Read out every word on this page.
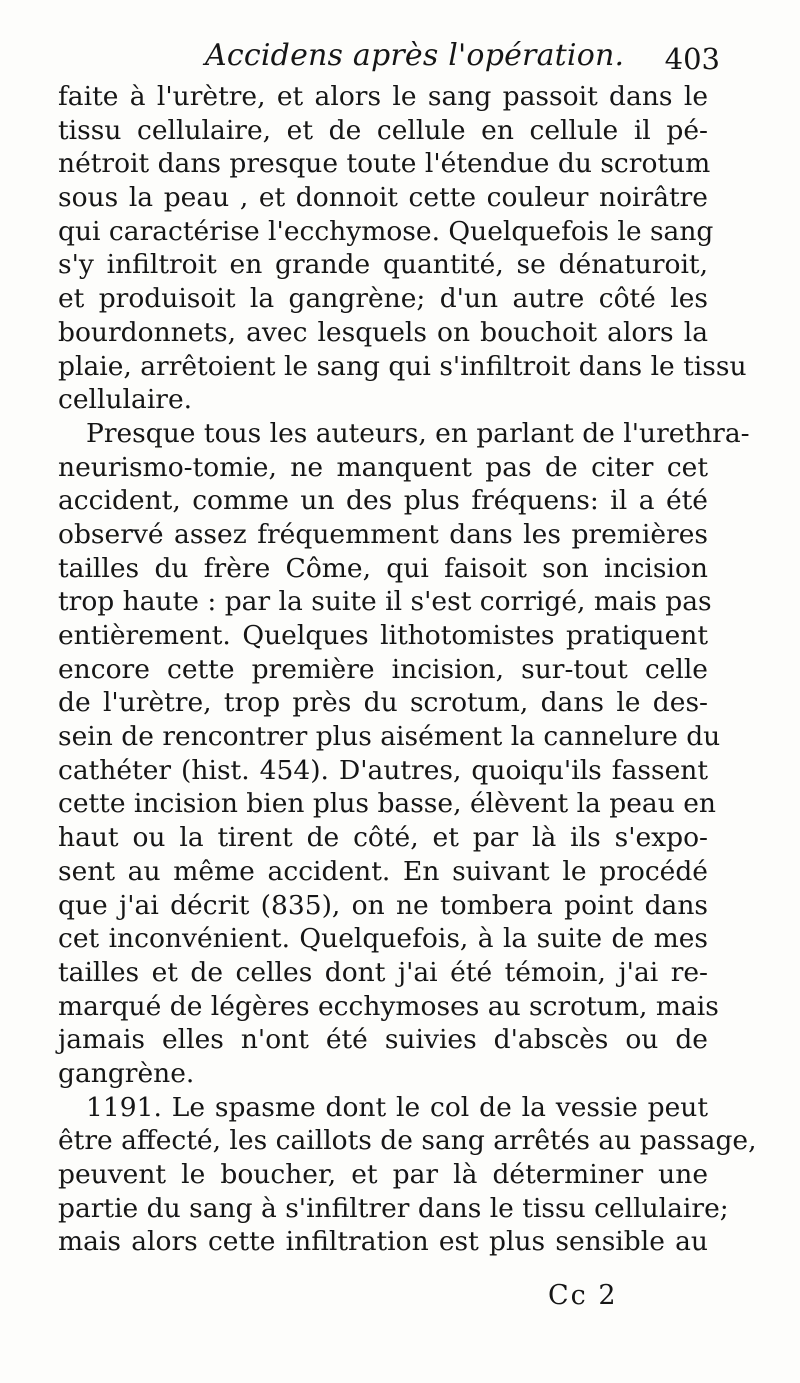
Accidens après l'opération. 403
faite à l'urètre, et alors le sang passoit dans le
tissu cellulaire, et de cellule en cellule il pé-
nétroit dans presque toute l'étendue du scrotum
sous la peau , et donnoit cette couleur noirâtre
qui caractérise l'ecchymose. Quelquefois le sang
s'y infiltroit en grande quantité, se dénaturoit,
et produisoit la gangrène; d'un autre côté les
bourdonnets, avec lesquels on bouchoit alors la
plaie, arrêtoient le sang qui s'infiltroit dans le tissu
cellulaire.
Presque tous les auteurs, en parlant de l'urethra-
neurismo-tomie, ne manquent pas de citer cet
accident, comme un des plus fréquens: il a été
observé assez fréquemment dans les premières
tailles du frère Côme, qui faisoit son incision
trop haute : par la suite il s'est corrigé, mais pas
entièrement. Quelques lithotomistes pratiquent
encore cette première incision, sur-tout celle
de l'urètre, trop près du scrotum, dans le des-
sein de rencontrer plus aisément la cannelure du
cathéter (hist. 454). D'autres, quoiqu'ils fassent
cette incision bien plus basse, élèvent la peau en
haut ou la tirent de côté, et par là ils s'expo-
sent au même accident. En suivant le procédé
que j'ai décrit (835), on ne tombera point dans
cet inconvénient. Quelquefois, à la suite de mes
tailles et de celles dont j'ai été témoin, j'ai re-
marqué de légères ecchymoses au scrotum, mais
jamais elles n'ont été suivies d'abscès ou de
gangrène.
1191. Le spasme dont le col de la vessie peut
être affecté, les caillots de sang arrêtés au passage,
peuvent le boucher, et par là déterminer une
partie du sang à s'infiltrer dans le tissu cellulaire;
mais alors cette infiltration est plus sensible au
Cc 2
